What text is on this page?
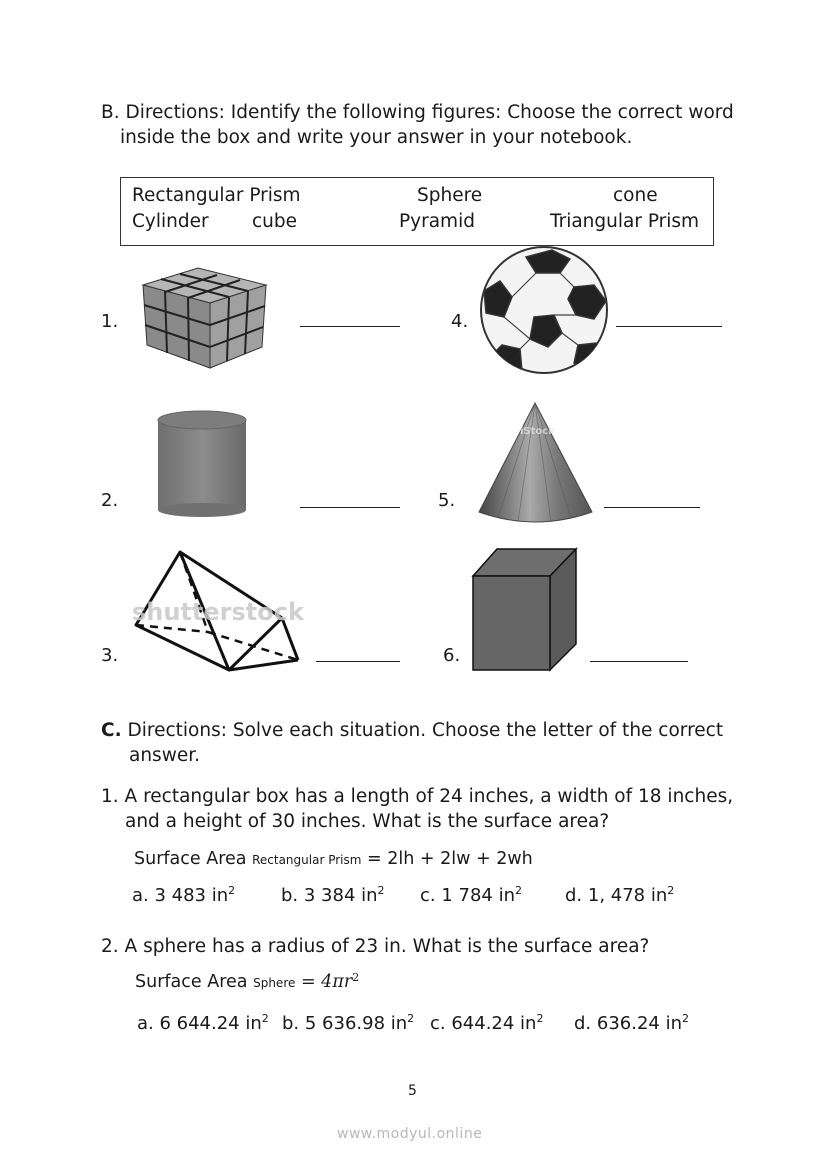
B. Directions: Identify the following figures: Choose the correct word
inside the box and write your answer in your notebook.
Rectangular Prism	Sphere	cone
Cylinder cube	Pyramid	Triangular Prism
1.
2.
3.
4.
5.
6.
shutterstock
iStock
C. Directions: Solve each situation. Choose the letter of the correct
answer.
1. A rectangular box has a length of 24 inches, a width of 18 inches,
and a height of 30 inches. What is the surface area?
Surface Area Rectangular Prism = 2lh + 2lw + 2wh
a. 3 483 $in^2$	b. 3 384 $in^2$ c. 1 784 $in^2$ d. 1, 478 $in^2$
2. A sphere has a radius of 23 in. What is the surface area?
Surface Area Sphere = $4\pi r^2$
a. 6 644.24 $in^2$ b. 5 636.98 $in^2$ c. 644.24 $in^2$ d. 636.24 $in^2$
5
www.modyul.online
